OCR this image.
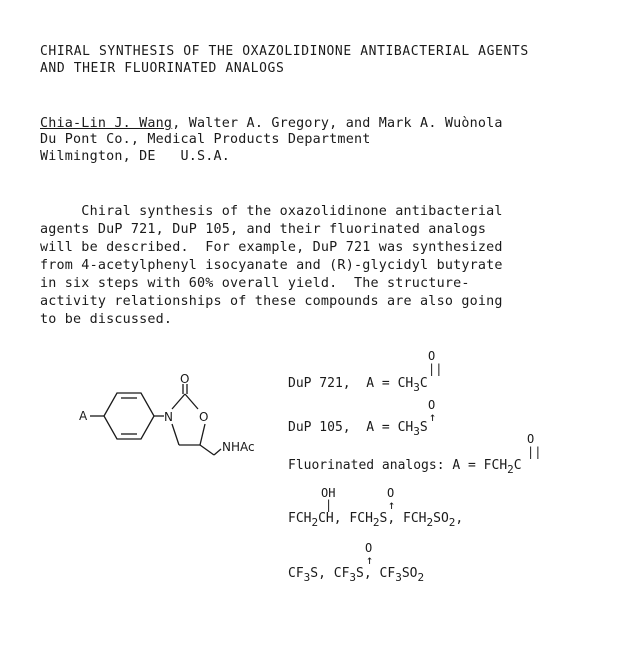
CHIRAL SYNTHESIS OF THE OXAZOLIDINONE ANTIBACTERIAL AGENTS
AND THEIR FLUORINATED ANALOGS
Chia-Lin J. Wang, Walter A. Gregory, and Mark A. Wuònola
Du Pont Co., Medical Products Department
Wilmington, DE   U.S.A.
Chiral synthesis of the oxazolidinone antibacterial
agents DuP 721, DuP 105, and their fluorinated analogs
will be described.  For example, DuP 721 was synthesized
from 4-acetylphenyl isocyanate and (R)-glycidyl butyrate
in six steps with 60% overall yield.  The structure-
activity relationships of these compounds are also going
to be discussed.
A
O
N O
NHAc
DuP 721, $A = CH_3C$
O
||
DuP 105, $A = CH_3S$
O
↑
Fluorinated analogs: $A = FCH_2C$
O
||
OH
|
O
↑
$FCH_2CH$, $FCH_2S$, $FCH_2SO_2$,
O
↑
$CF_3S$, $CF_3S$, $CF_3SO_2$
